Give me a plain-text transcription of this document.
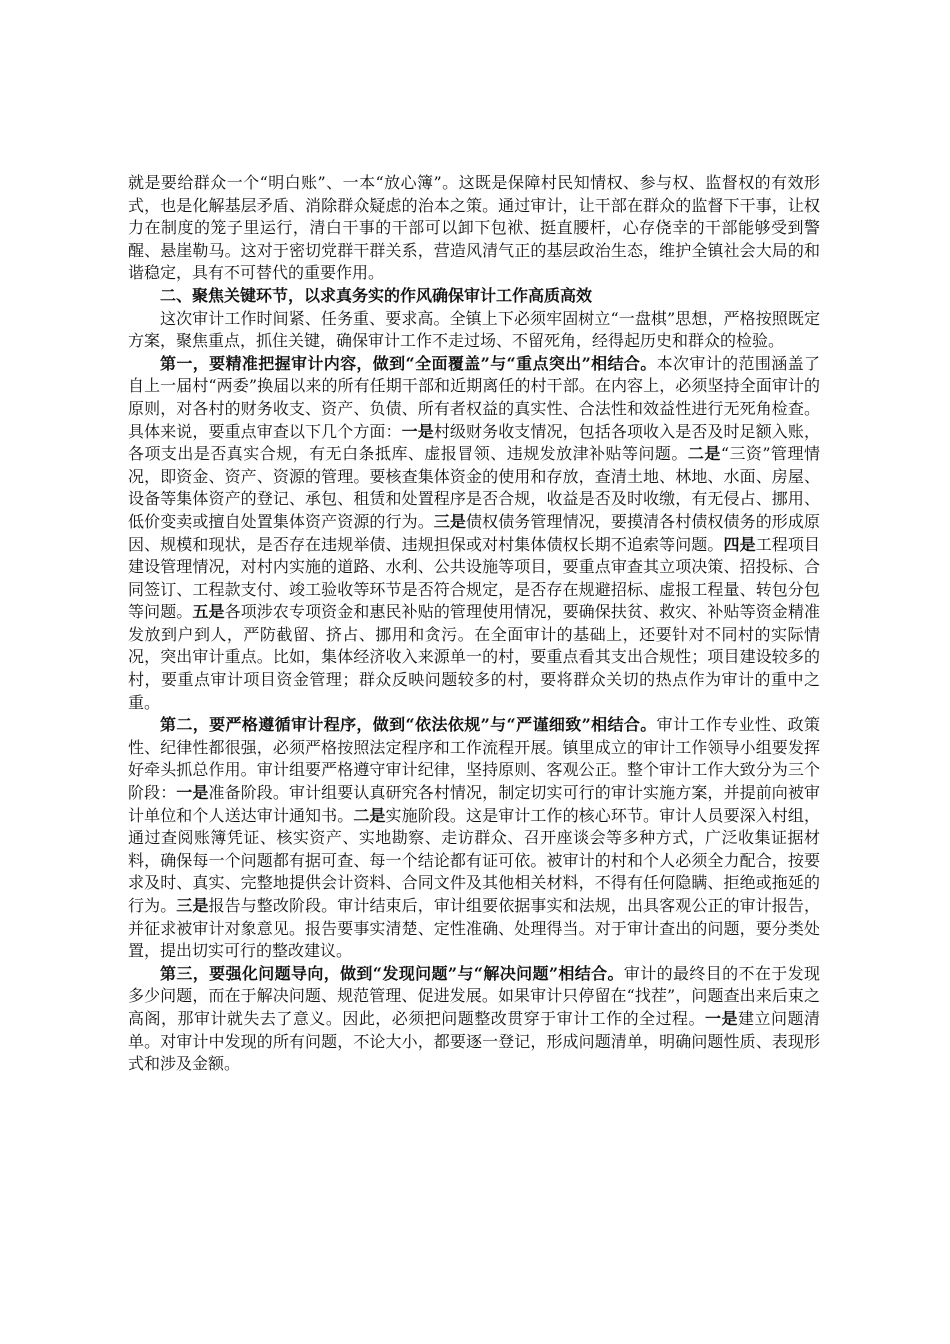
就是要给群众一个“明白账”、一本“放心簿”。这既是保障村民知情权、参与权、监督权的有效形式，也是化解基层矛盾、消除群众疑虑的治本之策。通过审计，让干部在群众的监督下干事，让权力在制度的笼子里运行，清白干事的干部可以卸下包袱、挺直腰杆，心存侥幸的干部能够受到警醒、悬崖勒马。这对于密切党群干群关系，营造风清气正的基层政治生态，维护全镇社会大局的和谐稳定，具有不可替代的重要作用。

二、聚焦关键环节，以求真务实的作风确保审计工作高质高效

这次审计工作时间紧、任务重、要求高。全镇上下必须牢固树立“一盘棋”思想，严格按照既定方案，聚焦重点，抓住关键，确保审计工作不走过场、不留死角，经得起历史和群众的检验。

第一，要精准把握审计内容，做到“全面覆盖”与“重点突出”相结合。本次审计的范围涵盖了自上一届村“两委”换届以来的所有任期干部和近期离任的村干部。在内容上，必须坚持全面审计的原则，对各村的财务收支、资产、负债、所有者权益的真实性、合法性和效益性进行无死角检查。具体来说，要重点审查以下几个方面：一是村级财务收支情况，包括各项收入是否及时足额入账，各项支出是否真实合规，有无白条抵库、虚报冒领、违规发放津补贴等问题。二是“三资”管理情况，即资金、资产、资源的管理。要核查集体资金的使用和存放，查清土地、林地、水面、房屋、设备等集体资产的登记、承包、租赁和处置程序是否合规，收益是否及时收缴，有无侵占、挪用、低价变卖或擅自处置集体资产资源的行为。三是债权债务管理情况，要摸清各村债权债务的形成原因、规模和现状，是否存在违规举债、违规担保或对村集体债权长期不追索等问题。四是工程项目建设管理情况，对村内实施的道路、水利、公共设施等项目，要重点审查其立项决策、招投标、合同签订、工程款支付、竣工验收等环节是否符合规定，是否存在规避招标、虚报工程量、转包分包等问题。五是各项涉农专项资金和惠民补贴的管理使用情况，要确保扶贫、救灾、补贴等资金精准发放到户到人，严防截留、挤占、挪用和贪污。在全面审计的基础上，还要针对不同村的实际情况，突出审计重点。比如，集体经济收入来源单一的村，要重点看其支出合规性；项目建设较多的村，要重点审计项目资金管理；群众反映问题较多的村，要将群众关切的热点作为审计的重中之重。

第二，要严格遵循审计程序，做到“依法依规”与“严谨细致”相结合。审计工作专业性、政策性、纪律性都很强，必须严格按照法定程序和工作流程开展。镇里成立的审计工作领导小组要发挥好牵头抓总作用。审计组要严格遵守审计纪律，坚持原则、客观公正。整个审计工作大致分为三个阶段：一是准备阶段。审计组要认真研究各村情况，制定切实可行的审计实施方案，并提前向被审计单位和个人送达审计通知书。二是实施阶段。这是审计工作的核心环节。审计人员要深入村组，通过查阅账簿凭证、核实资产、实地勘察、走访群众、召开座谈会等多种方式，广泛收集证据材料，确保每一个问题都有据可查、每一个结论都有证可依。被审计的村和个人必须全力配合，按要求及时、真实、完整地提供会计资料、合同文件及其他相关材料，不得有任何隐瞒、拒绝或拖延的行为。三是报告与整改阶段。审计结束后，审计组要依据事实和法规，出具客观公正的审计报告，并征求被审计对象意见。报告要事实清楚、定性准确、处理得当。对于审计查出的问题，要分类处置，提出切实可行的整改建议。

第三，要强化问题导向，做到“发现问题”与“解决问题”相结合。审计的最终目的不在于发现多少问题，而在于解决问题、规范管理、促进发展。如果审计只停留在“找茬”，问题查出来后束之高阁，那审计就失去了意义。因此，必须把问题整改贯穿于审计工作的全过程。一是建立问题清单。对审计中发现的所有问题，不论大小，都要逐一登记，形成问题清单，明确问题性质、表现形式和涉及金额。
